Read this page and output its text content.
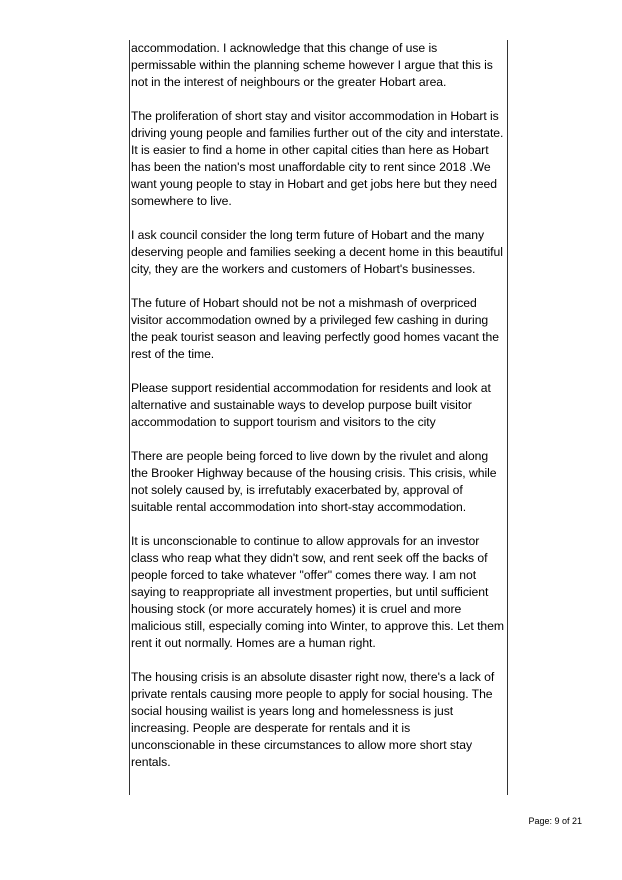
accommodation. I acknowledge that this change of use is
permissable within the planning scheme however I argue that this is
not in the interest of neighbours or the greater Hobart area.

The proliferation of short stay and visitor accommodation in Hobart is
driving young people and families further out of the city and interstate.
It is easier to find a home in other capital cities than here as Hobart
has been the nation's most unaffordable city to rent since 2018 .We
want young people to stay in Hobart and get jobs here but they need
somewhere to live.

I ask council consider the long term future of Hobart and the many
deserving people and families seeking a decent home in this beautiful
city, they are the workers and customers of Hobart's businesses.

The future of Hobart should not be not a mishmash of overpriced
visitor accommodation owned by a privileged few cashing in during
the peak tourist season and leaving perfectly good homes vacant the
rest of the time.

Please support residential accommodation for residents and look at
alternative and sustainable ways to develop purpose built visitor
accommodation to support tourism and visitors to the city

There are people being forced to live down by the rivulet and along
the Brooker Highway because of the housing crisis. This crisis, while
not solely caused by, is irrefutably exacerbated by, approval of
suitable rental accommodation into short-stay accommodation.

It is unconscionable to continue to allow approvals for an investor
class who reap what they didn't sow, and rent seek off the backs of
people forced to take whatever "offer" comes there way. I am not
saying to reappropriate all investment properties, but until sufficient
housing stock (or more accurately homes) it is cruel and more
malicious still, especially coming into Winter, to approve this. Let them
rent it out normally. Homes are a human right.

The housing crisis is an absolute disaster right now, there's a lack of
private rentals causing more people to apply for social housing. The
social housing wailist is years long and homelessness is just
increasing. People are desperate for rentals and it is
unconscionable in these circumstances to allow more short stay
rentals.

Page: 9 of 21
